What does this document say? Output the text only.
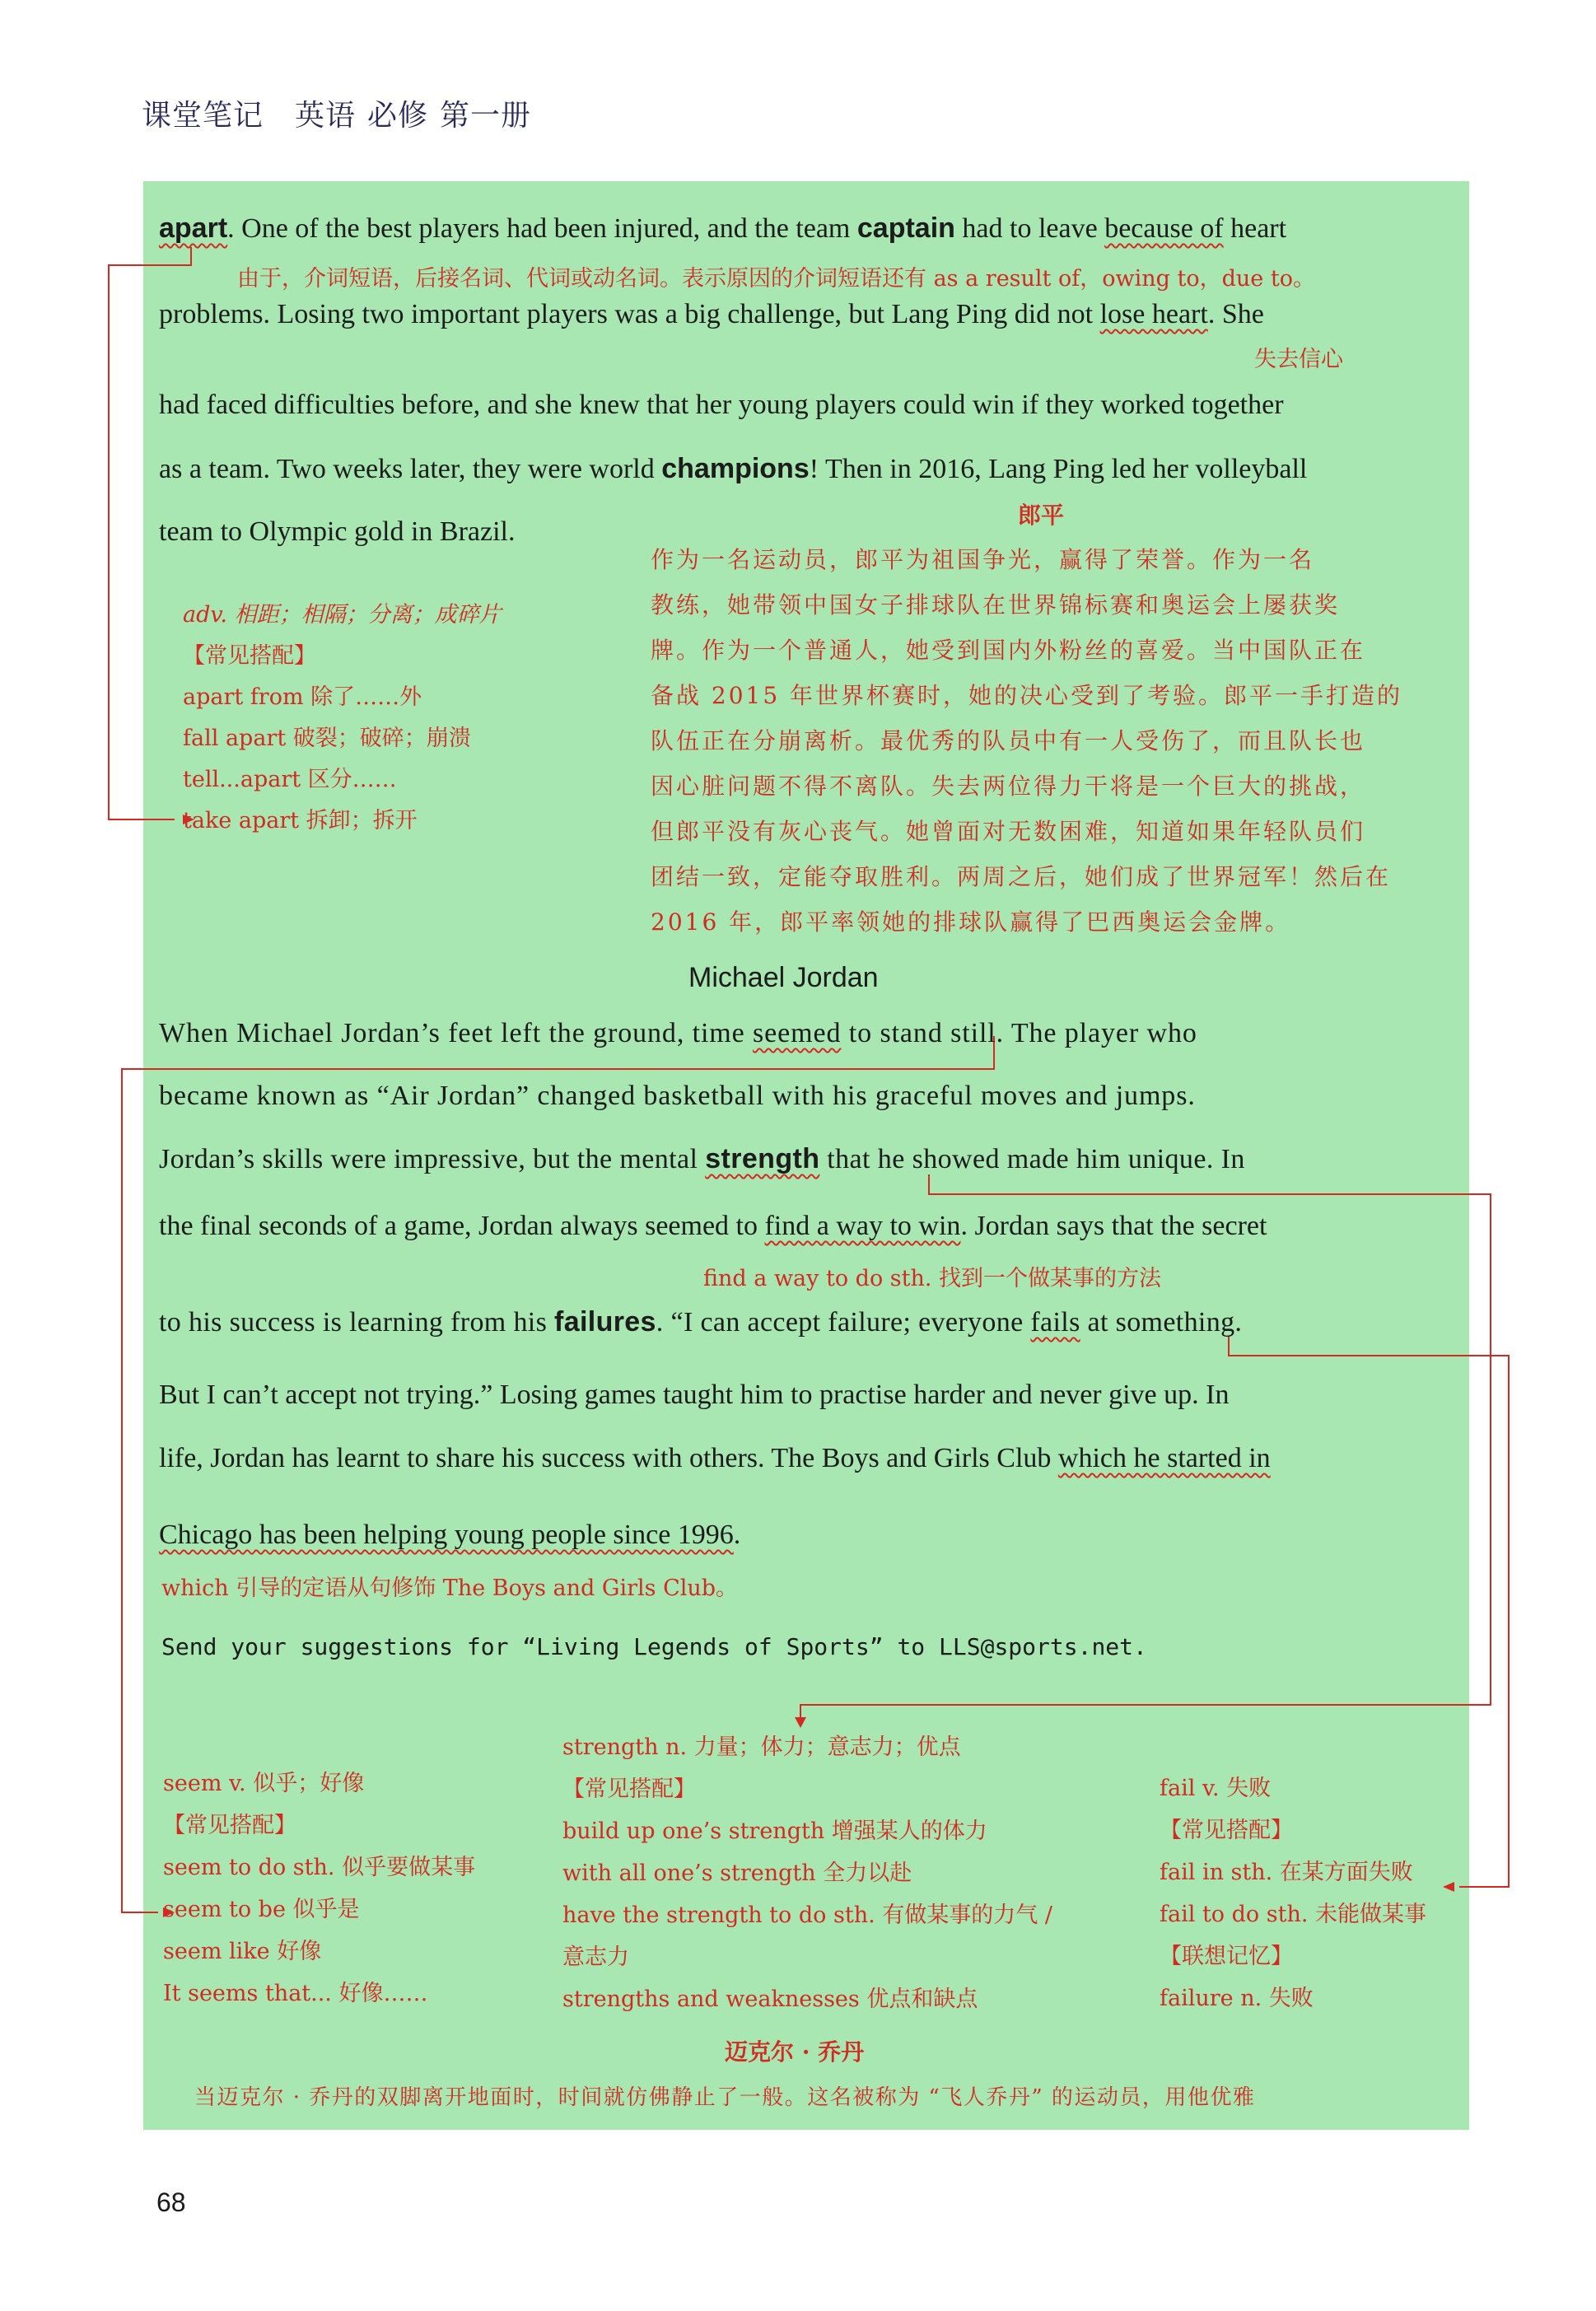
课堂笔记 英语 必修 第一册
apart. One of the best players had been injured, and the team captain had to leave because of heart
由于，介词短语，后接名词、代词或动名词。表示原因的介词短语还有 as a result of，owing to，due to。
problems. Losing two important players was a big challenge, but Lang Ping did not lose heart. She
失去信心
had faced difficulties before, and she knew that her young players could win if they worked together
as a team. Two weeks later, they were world champions! Then in 2016, Lang Ping led her volleyball
team to Olympic gold in Brazil.
adv. 相距；相隔；分离；成碎片
【常见搭配】
apart from 除了……外
fall apart 破裂；破碎；崩溃
tell...apart 区分……
take apart 拆卸；拆开
郎平
作为一名运动员，郎平为祖国争光，赢得了荣誉。作为一名
教练，她带领中国女子排球队在世界锦标赛和奥运会上屡获奖
牌。作为一个普通人，她受到国内外粉丝的喜爱。当中国队正在
备战 2015 年世界杯赛时，她的决心受到了考验。郎平一手打造的
队伍正在分崩离析。最优秀的队员中有一人受伤了，而且队长也
因心脏问题不得不离队。失去两位得力干将是一个巨大的挑战，
但郎平没有灰心丧气。她曾面对无数困难，知道如果年轻队员们
团结一致，定能夺取胜利。两周之后，她们成了世界冠军！然后在
2016 年，郎平率领她的排球队赢得了巴西奥运会金牌。
Michael Jordan
When Michael Jordan’s feet left the ground, time seemed to stand still. The player who
became known as “Air Jordan” changed basketball with his graceful moves and jumps.
Jordan’s skills were impressive, but the mental strength that he showed made him unique. In
the final seconds of a game, Jordan always seemed to find a way to win. Jordan says that the secret
find a way to do sth. 找到一个做某事的方法
to his success is learning from his failures. “I can accept failure; everyone fails at something.
But I can’t accept not trying.” Losing games taught him to practise harder and never give up. In
life, Jordan has learnt to share his success with others. The Boys and Girls Club which he started in
Chicago has been helping young people since 1996.
which 引导的定语从句修饰 The Boys and Girls Club。
Send your suggestions for “Living Legends of Sports” to LLS@sports.net.
seem v. 似乎；好像
【常见搭配】
seem to do sth. 似乎要做某事
seem to be 似乎是
seem like 好像
It seems that... 好像……
strength n. 力量；体力；意志力；优点
【常见搭配】
build up one’s strength 增强某人的体力
with all one’s strength 全力以赴
have the strength to do sth. 有做某事的力气 /
意志力
strengths and weaknesses 优点和缺点
fail v. 失败
【常见搭配】
fail in sth. 在某方面失败
fail to do sth. 未能做某事
【联想记忆】
failure n. 失败
迈克尔 · 乔丹
当迈克尔 · 乔丹的双脚离开地面时，时间就仿佛静止了一般。这名被称为 “飞人乔丹” 的运动员，用他优雅
68
